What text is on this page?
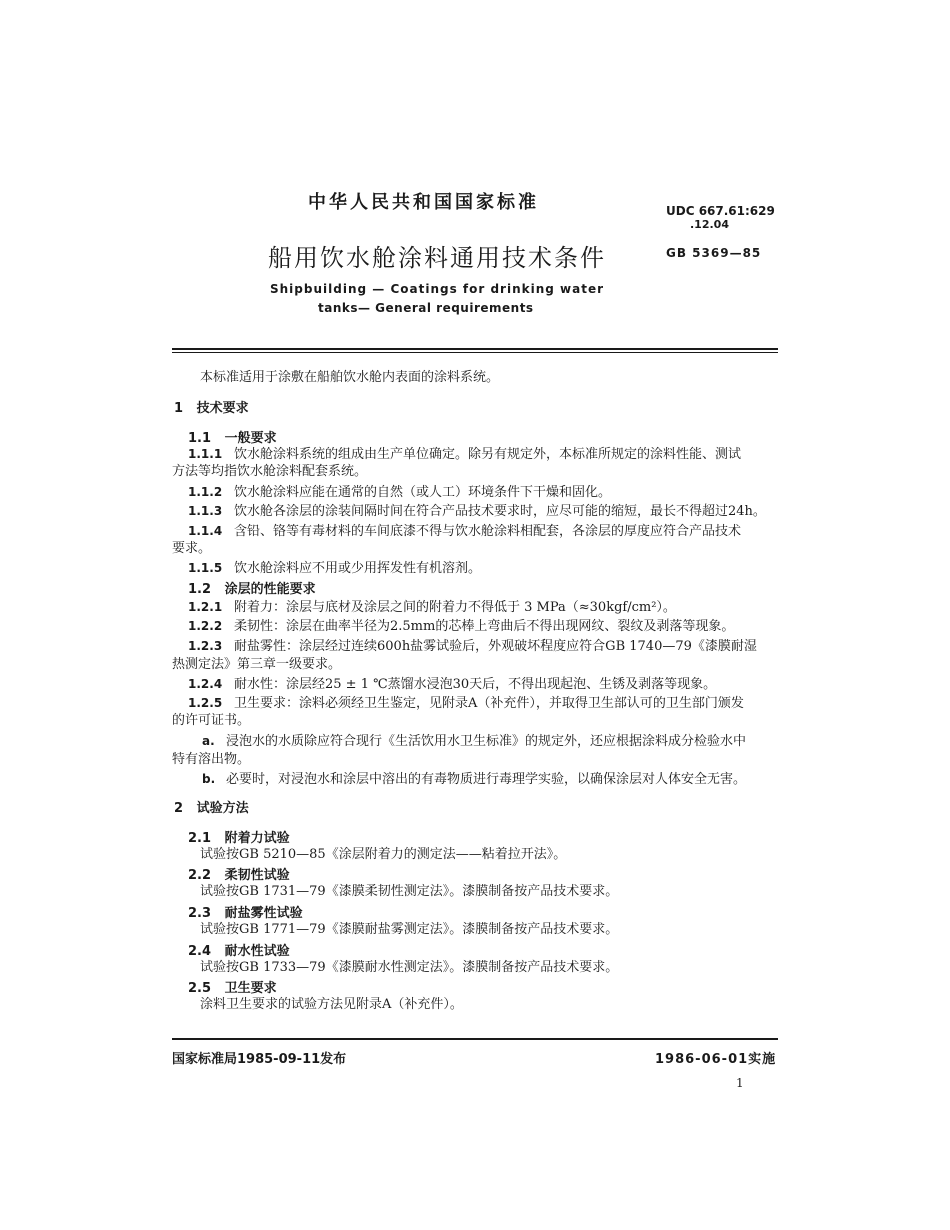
中华人民共和国国家标准
船用饮水舱涂料通用技术条件
Shipbuilding — Coatings for drinking water
tanks— General requirements
UDC 667.61:629
.12.04
GB 5369—85
本标准适用于涂敷在船舶饮水舱内表面的涂料系统。
1 技术要求
1.1 一般要求
1.1.1 饮水舱涂料系统的组成由生产单位确定。除另有规定外，本标准所规定的涂料性能、测试
方法等均指饮水舱涂料配套系统。
1.1.2 饮水舱涂料应能在通常的自然（或人工）环境条件下干燥和固化。
1.1.3 饮水舱各涂层的涂装间隔时间在符合产品技术要求时，应尽可能的缩短，最长不得超过24h。
1.1.4 含铅、铬等有毒材料的车间底漆不得与饮水舱涂料相配套，各涂层的厚度应符合产品技术
要求。
1.1.5 饮水舱涂料应不用或少用挥发性有机溶剂。
1.2 涂层的性能要求
1.2.1 附着力：涂层与底材及涂层之间的附着力不得低于 3 MPa（≈30kgf/cm²）。
1.2.2 柔韧性：涂层在曲率半径为2.5mm的芯棒上弯曲后不得出现网纹、裂纹及剥落等现象。
1.2.3 耐盐雾性：涂层经过连续600h盐雾试验后，外观破坏程度应符合GB 1740—79《漆膜耐湿
热测定法》第三章一级要求。
1.2.4 耐水性：涂层经25 ± 1 ℃蒸馏水浸泡30天后，不得出现起泡、生锈及剥落等现象。
1.2.5 卫生要求：涂料必须经卫生鉴定，见附录A（补充件），并取得卫生部认可的卫生部门颁发
的许可证书。
a. 浸泡水的水质除应符合现行《生活饮用水卫生标准》的规定外，还应根据涂料成分检验水中
特有溶出物。
b. 必要时，对浸泡水和涂层中溶出的有毒物质进行毒理学实验，以确保涂层对人体安全无害。
2 试验方法
2.1 附着力试验
试验按GB 5210—85《涂层附着力的测定法——粘着拉开法》。
2.2 柔韧性试验
试验按GB 1731—79《漆膜柔韧性测定法》。漆膜制备按产品技术要求。
2.3 耐盐雾性试验
试验按GB 1771—79《漆膜耐盐雾测定法》。漆膜制备按产品技术要求。
2.4 耐水性试验
试验按GB 1733—79《漆膜耐水性测定法》。漆膜制备按产品技术要求。
2.5 卫生要求
涂料卫生要求的试验方法见附录A（补充件）。
国家标准局1985-09-11发布	1986-06-01实施
1
